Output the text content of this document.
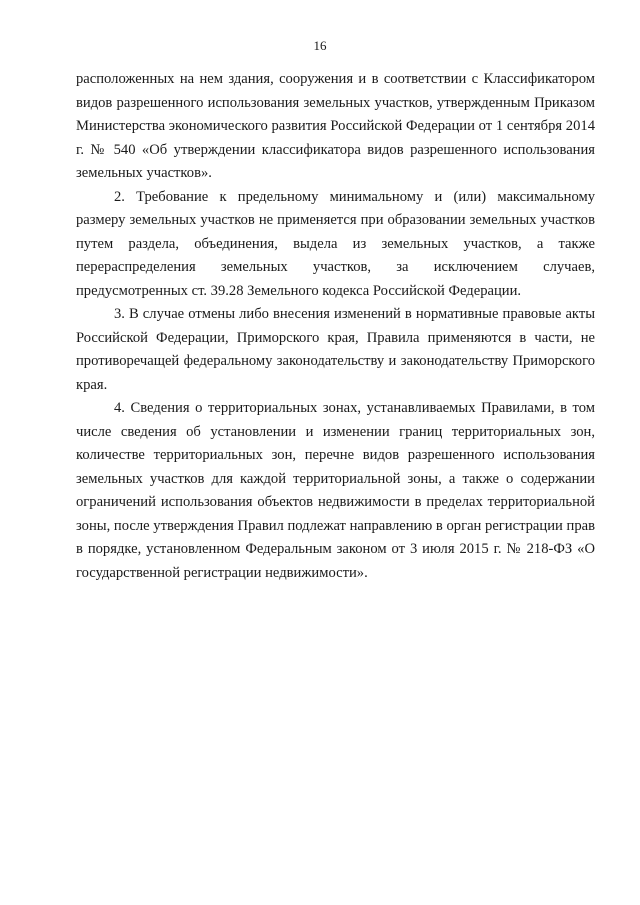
16

расположенных на нем здания, сооружения и в соответствии с Классификатором видов разрешенного использования земельных участков, утвержденным Приказом Министерства экономического развития Российской Федерации от 1 сентября 2014 г. № 540 «Об утверждении классификатора видов разрешенного использования земельных участков».

2. Требование к предельному минимальному и (или) максимальному размеру земельных участков не применяется при образовании земельных участков путем раздела, объединения, выдела из земельных участков, а также перераспределения земельных участков, за исключением случаев, предусмотренных ст. 39.28 Земельного кодекса Российской Федерации.

3. В случае отмены либо внесения изменений в нормативные правовые акты Российской Федерации, Приморского края, Правила применяются в части, не противоречащей федеральному законодательству и законодательству Приморского края.

4. Сведения о территориальных зонах, устанавливаемых Правилами, в том числе сведения об установлении и изменении границ территориальных зон, количестве территориальных зон, перечне видов разрешенного использования земельных участков для каждой территориальной зоны, а также о содержании ограничений использования объектов недвижимости в пределах территориальной зоны, после утверждения Правил подлежат направлению в орган регистрации прав в порядке, установленном Федеральным законом от 3 июля 2015 г. № 218-ФЗ «О государственной регистрации недвижимости».
